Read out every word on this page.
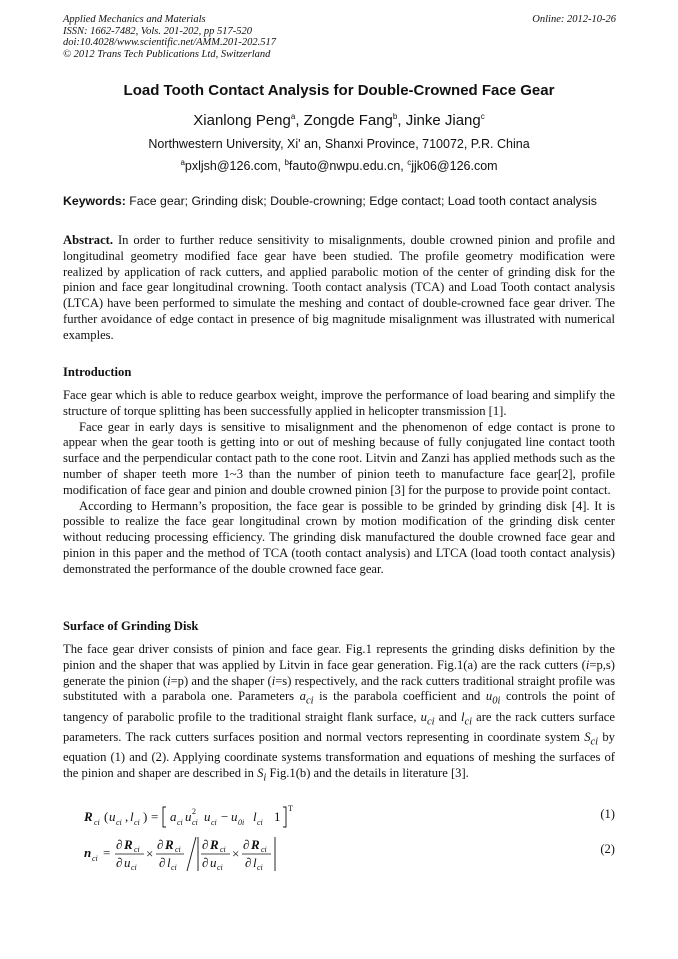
Applied Mechanics and Materials
ISSN: 1662-7482, Vols. 201-202, pp 517-520
doi:10.4028/www.scientific.net/AMM.201-202.517
© 2012 Trans Tech Publications Ltd, Switzerland
Online: 2012-10-26
Load Tooth Contact Analysis for Double-Crowned Face Gear
Xianlong Peng$^a$, Zongde Fang$^b$, Jinke Jiang$^c$
Northwestern University, Xi' an, Shanxi Province, 710072, P.R. China
$^a$pxljsh@126.com, $^b$fauto@nwpu.edu.cn, $^c$jjk06@126.com
Keywords: Face gear; Grinding disk; Double-crowning; Edge contact; Load tooth contact analysis

Abstract. In order to further reduce sensitivity to misalignments, double crowned pinion and profile and longitudinal geometry modified face gear have been studied. The profile geometry modification were realized by application of rack cutters, and applied parabolic motion of the center of grinding disk for the pinion and face gear longitudinal crowning. Tooth contact analysis (TCA) and Load Tooth contact analysis (LTCA) have been performed to simulate the meshing and contact of double-crowned face gear driver. The further avoidance of edge contact in presence of big magnitude misalignment was illustrated with numerical examples.

Introduction

Face gear which is able to reduce gearbox weight, improve the performance of load bearing and simplify the structure of torque splitting has been successfully applied in helicopter transmission [1].

Face gear in early days is sensitive to misalignment and the phenomenon of edge contact is prone to appear when the gear tooth is getting into or out of meshing because of fully conjugated line contact tooth surface and the perpendicular contact path to the cone root. Litvin and Zanzi has applied methods such as the number of shaper teeth more 1~3 than the number of pinion teeth to manufacture face gear[2], profile modification of face gear and pinion and double crowned pinion [3] for the purpose to provide point contact.

According to Hermann’s proposition, the face gear is possible to be grinded by grinding disk [4]. It is possible to realize the face gear longitudinal crown by motion modification of the grinding disk center without reducing processing efficiency. The grinding disk manufactured the double crowned face gear and pinion in this paper and the method of TCA (tooth contact analysis) and LTCA (load tooth contact analysis) demonstrated the performance of the double crowned face gear.

Surface of Grinding Disk

The face gear driver consists of pinion and face gear. Fig.1 represents the grinding disks definition by the pinion and the shaper that was applied by Litvin in face gear generation. Fig.1(a) are the rack cutters (i=p,s) generate the pinion (i=p) and the shaper (i=s) respectively, and the rack cutters traditional straight profile was substituted with a parabola one. Parameters $a_{ci}$ is the parabola coefficient and $u_{0i}$ controls the point of tangency of parabolic profile to the traditional straight flank surface, $u_{ci}$ and $l_{ci}$ are the rack cutters surface parameters. The rack cutters surfaces position and normal vectors representing in coordinate system $S_{ci}$ by equation (1) and (2). Applying coordinate systems transformation and equations of meshing the surfaces of the pinion and shaper are described in $S_i$ Fig.1(b) and the details in literature [3].

R ci ( u ci , l ci ) = a ci u ci
2 u ci − u 0i l ci 1
T	(1)
n ci =
∂ R ci
∂ u ci
×
∂ R ci
∂ l ci
∂ R ci
∂ u ci
×
∂ R ci
∂ l ci
(2)
